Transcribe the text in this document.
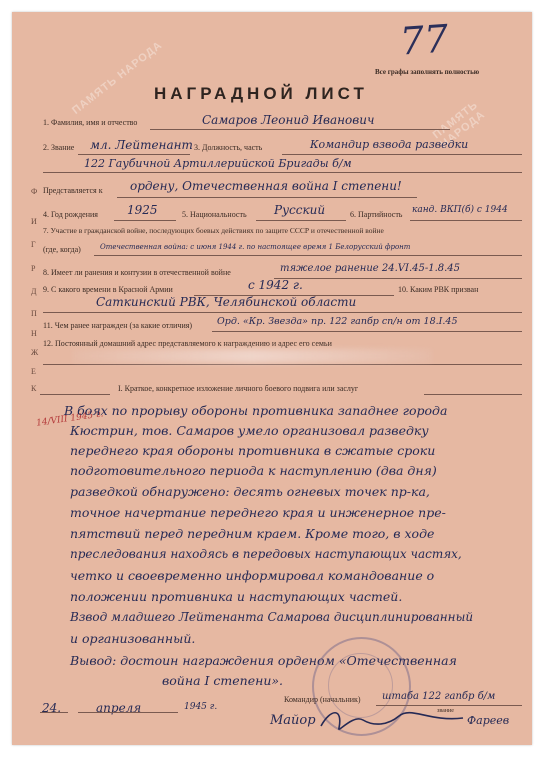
ПАМЯТЬ НАРОДА
ПАМЯТЬ НАРОДА
77
Все графы заполнять полностью
НАГРАДНОЙ ЛИСТ
Ф
И
Г
Р
Д
П
Н
Ж
Е
К
1. Фамилия, имя и отчество	Самаров Леонид Иванович
2. Звание мл. Лейтенант 3. Должность, часть	Командир взвода разведки
122 Гаубичной Артиллерийской Бригады б/м
Представляется к ордену, Отечественная война I степени!
4. Год рождения 1925	5. Национальность Русский	6. Партийность канд. ВКП(б) с 1944
7. Участие в гражданской войне, последующих боевых действиях по защите СССР и отечественной войне
(где, когда)	Отечественная война: с июня 1944 г. по настоящее время 1 Белорусский фронт
8. Имеет ли ранения и контузии в отечественной войне	тяжелое ранение 24.VI.45-1.8.45
9. С какого времени в Красной Армии	с 1942 г.	10. Каким РВК призван
Саткинский РВК, Челябинской области
11. Чем ранее награжден (за какие отличия)	Орд. «Кр. Звезда» пр. 122 гапбр сп/н от 18.I.45
12. Постоянный домашний адрес представляемого к награждению и адрес его семьи
I. Краткое, конкретное изложение личного боевого подвига или заслуг
14/VIII 1945 г.
В боях по прорыву обороны противника западнее города
Кюстрин, тов. Самаров умело организовал разведку
переднего края обороны противника в сжатые сроки
подготовительного периода к наступлению (два дня)
разведкой обнаружено: десять огневых точек пр-ка,
точное начертание переднего края и инженерное пре-
пятствий перед передним краем. Кроме того, в ходе
преследования находясь в передовых наступающих частях,
четко и своевременно информировал командование о
положении противника и наступающих частей.
Взвод младшего Лейтенанта Самарова дисциплинированный
и организованный.
Вывод: достоин награждения орденом «Отечественная
война I степени».
Командир (начальник) штаба 122 гапбр б/м
звание
24.	апреля	1945 г.
Майор	Фареев
